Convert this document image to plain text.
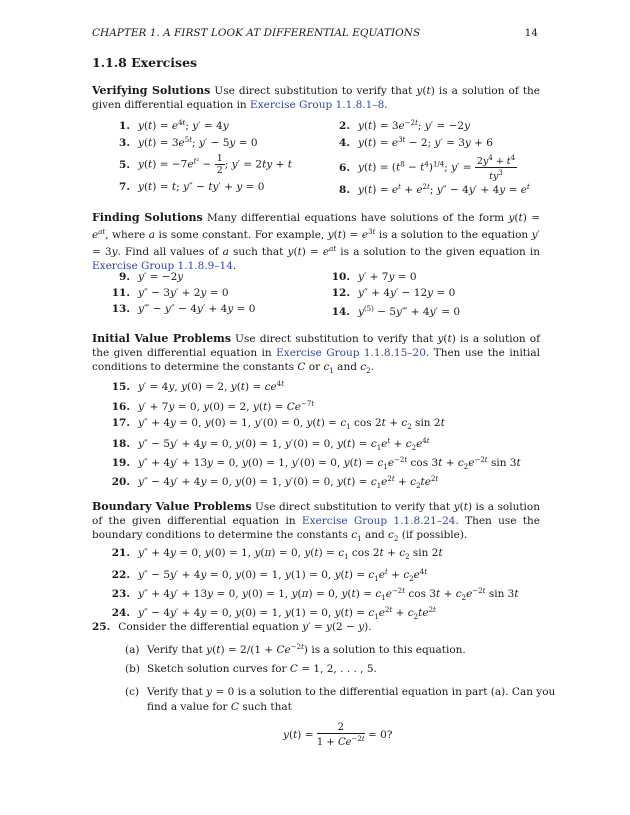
CHAPTER 1. A FIRST LOOK AT DIFFERENTIAL EQUATIONS	14
1.1.8 Exercises
Verifying Solutions Use direct substitution to verify that y(t) is a solution of the given differential equation in Exercise Group 1.1.8.1–8.
1. $y(t) = e^{4t}$; y′ = 4y	2. $y(t) = 3e^{-2t}$; y′ = −2y
3. $y(t) = 3e^{5t}$; y′ − 5y = 0	4. $y(t) = e^{3t} - 2$; y′ = 3y + 6
5. $y(t) = -7e^{t^2} - \frac{1}{2}$ ; y′ = 2ty + t	6. $y(t) = (t^8 - t^4)^{1/4}$; $y' = \frac{2y^4 + t^4}{ty^3}$
7. y(t) = t; y″ − ty′ + y = 0	8. $y(t) = e^t + e^{2t}$; $y'' - 4y' + 4y = e^t$
Finding Solutions Many differential equations have solutions of the form $y(t) = e^{at}$, where a is some constant. For example, $y(t) = e^{3t}$ is a solution to the equation y′ = 3y. Find all values of a such that $y(t) = e^{at}$ is a solution to the given equation in Exercise Group 1.1.8.9–14.
9. y′ = −2y	10. y′ + 7y = 0
11. y″ − 3y′ + 2y = 0	12. y″ + 4y′ − 12y = 0
13. y‴ − y″ − 4y′ + 4y = 0	14. $y^{(5)}$ − 5y‴ + 4y′ = 0
Initial Value Problems Use direct substitution to verify that y(t) is a solution of the given differential equation in Exercise Group 1.1.8.15–20. Then use the initial conditions to determine the constants C or $c_1$ and $c_2$.
15. y′ = 4y, y(0) = 2, $y(t) = ce^{4t}$
16. y′ + 7y = 0, y(0) = 2, $y(t) = Ce^{-7t}$
17. y″ + 4y = 0, y(0) = 1, y′(0) = 0, $y(t) = c_1$ $\cos 2t + c_2$ sin 2t
18. y″ − 5y′ + 4y = 0, y(0) = 1, y′(0) = 0, $y(t) = c_1e^t + c_2e^{4t}$
19. y″ + 4y′ + 13y = 0, y(0) = 1, y′(0) = 0, $y(t) = c_1e^{-2t}$ $\cos 3t + c_2e^{-2t}$ sin 3t
20. y″ − 4y′ + 4y = 0, y(0) = 1, y′(0) = 0, $y(t) = c_1e^{2t} + c_2te^{2t}$
Boundary Value Problems Use direct substitution to verify that y(t) is a solution of the given differential equation in Exercise Group 1.1.8.21–24. Then use the boundary conditions to determine the constants $c_1$ and $c_2$ (if possible).
21. y″ + 4y = 0, y(0) = 1, y(π) = 0, $y(t) = c_1$ $\cos 2t + c_2$ sin 2t
22. y″ − 5y′ + 4y = 0, y(0) = 1, y(1) = 0, $y(t) = c_1e^t + c_2e^{4t}$
23. y″ + 4y′ + 13y = 0, y(0) = 1, y(π) = 0, $y(t) = c_1e^{-2t}$ $\cos 3t + c_2e^{-2t}$ sin 3t
24. y″ − 4y′ + 4y = 0, y(0) = 1, y(1) = 0, $y(t) = c_1e^{2t} + c_2te^{2t}$
25. Consider the differential equation y′ = y(2 − y).
(a) Verify that $y(t) = 2/(1 + Ce^{-2t})$ is a solution to this equation.
(b) Sketch solution curves for C = 1, 2, . . . , 5.
(c) Verify that y = 0 is a solution to the differential equation in part (a). Can you
find a value for C such that
$y(t) = \frac{2}{1 + Ce^{-2t}} = 0$?
